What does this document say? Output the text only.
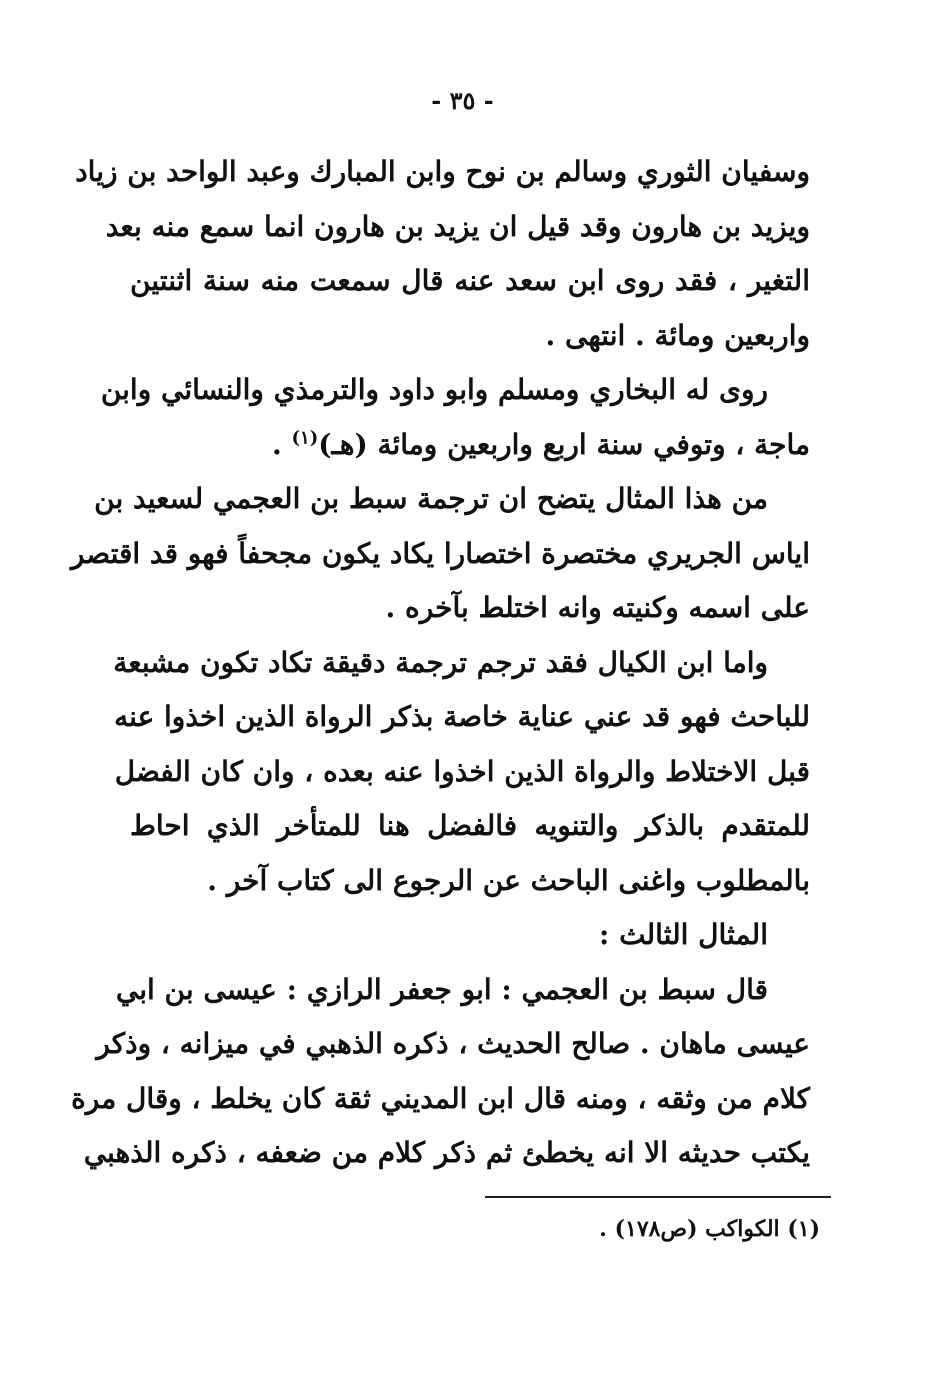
- ٣٥ -
وسفيان الثوري وسالم بن نوح وابن المبارك وعبد الواحد بن زياد
ويزيد بن هارون وقد قيل ان يزيد بن هارون انما سمع منه بعد
التغير ، فقد روى ابن سعد عنه قال سمعت منه سنة اثنتين
واربعين ومائة . انتهى .
روى له البخاري ومسلم وابو داود والترمذي والنسائي وابن
ماجة ، وتوفي سنة اربع واربعين ومائة (هـ)$^{(١)}$ .
من هذا المثال يتضح ان ترجمة سبط بن العجمي لسعيد بن
اياس الجريري مختصرة اختصارا يكاد يكون مجحفاً فهو قد اقتصر
على اسمه وكنيته وانه اختلط بآخره .
واما ابن الكيال فقد ترجم ترجمة دقيقة تكاد تكون مشبعة
للباحث فهو قد عني عناية خاصة بذكر الرواة الذين اخذوا عنه
قبل الاختلاط والرواة الذين اخذوا عنه بعده ، وان كان الفضل
للمتقدم بالذكر والتنويه فالفضل هنا للمتأخر الذي احاط
بالمطلوب واغنى الباحث عن الرجوع الى كتاب آخر .
المثال الثالث :
قال سبط بن العجمي : ابو جعفر الرازي : عيسى بن ابي
عيسى ماهان . صالح الحديث ، ذكره الذهبي في ميزانه ، وذكر
كلام من وثقه ، ومنه قال ابن المديني ثقة كان يخلط ، وقال مرة
يكتب حديثه الا انه يخطئ ثم ذكر كلام من ضعفه ، ذكره الذهبي
(١) الكواكب (ص١٧٨) .
